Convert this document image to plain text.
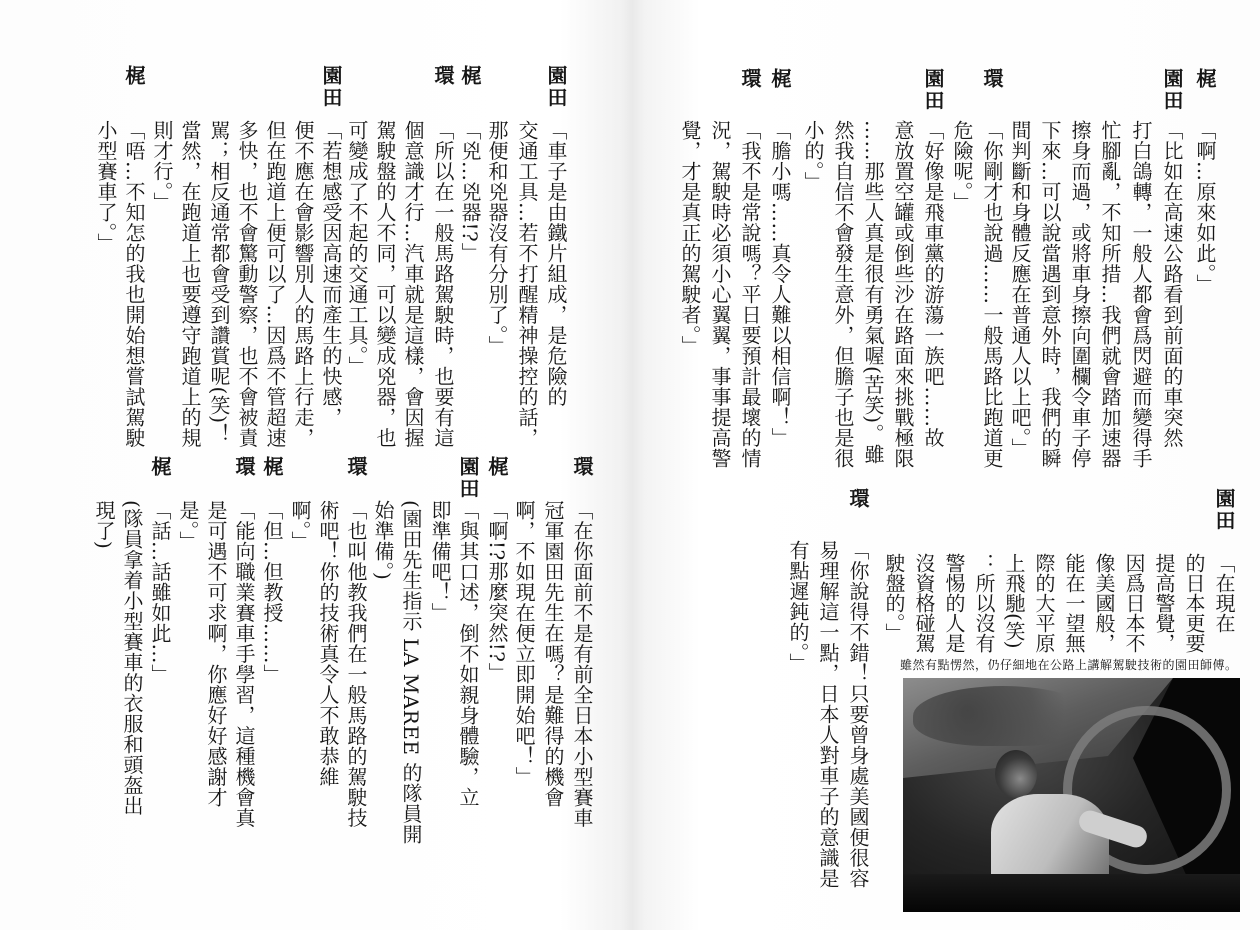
梶
園田
環
園田
梶
環
「啊…原來如此。」
「比如在高速公路看到前面的車突然
打白鴿轉，一般人都會爲閃避而變得手
忙腳亂，不知所措…我們就會踏加速器
擦身而過，或將車身擦向圍欄令車子停
下來…可以說當遇到意外時，我們的瞬
間判斷和身體反應在普通人以上吧。」
「你剛才也說過……一般馬路比跑道更
危險呢。」
「好像是飛車黨的游蕩一族吧……故
意放置空罐或倒些沙在路面來挑戰極限
……那些人真是很有勇氣喔(苦笑)。雖
然我自信不會發生意外，但膽子也是很
小的。」
「膽小嗎……真令人難以相信啊！」
「我不是常說嗎？平日要預計最壞的情
況，駕駛時必須小心翼翼，事事提高警
覺，才是真正的駕駛者。」
園田
環
「在現在
的日本更要
提高警覺，
因爲日本不
像美國般，
能在一望無
際的大平原
上飛馳(笑)
：所以沒有
警惕的人是
沒資格碰駕
駛盤的。」
「你說得不錯！只要曾身處美國便很容
易理解這一點，日本人對車子的意識是
有點遲鈍的。」	雖然有點愣然，仍仔細地在公路上講解駕駛技術的園田師傅。
園田
梶
環
園田
梶
「車子是由鐵片組成，是危險的
交通工具…若不打醒精神操控的話，
那便和兇器沒有分別了。」
「兇…兇器!?」
「所以在一般馬路駕駛時，也要有這
個意識才行…汽車就是這樣，會因握
駕駛盤的人不同，可以變成兇器，也
可變成了不起的交通工具。」
「若想感受因高速而產生的快感，
便不應在會影響別人的馬路上行走，
但在跑道上便可以了…因爲不管超速
多快，也不會驚動警察，也不會被責
駡；相反通常都會受到讚賞呢(笑)！
當然，在跑道上也要遵守跑道上的規
則才行。」
「唔…不知怎的我也開始想嘗試駕駛
小型賽車了。」
環
梶
園田
環
梶
環
梶
「在你面前不是有前全日本小型賽車
冠軍園田先生在嗎？是難得的機會
啊，不如現在便立即開始吧！」
「啊!?那麼突然!?」
「與其口述，倒不如親身體驗，立
即準備吧！」
(園田先生指示 LA MAREE 的隊員開
始準備。)
「也叫他教我們在一般馬路的駕駛技
術吧！你的技術真令人不敢恭維
啊。」
「但…但教授……」
「能向職業賽車手學習，這種機會真
是可遇不可求啊，你應好好感謝才
是。」
「話…話雖如此…」
(隊員拿着小型賽車的衣服和頭盔出
現了)
